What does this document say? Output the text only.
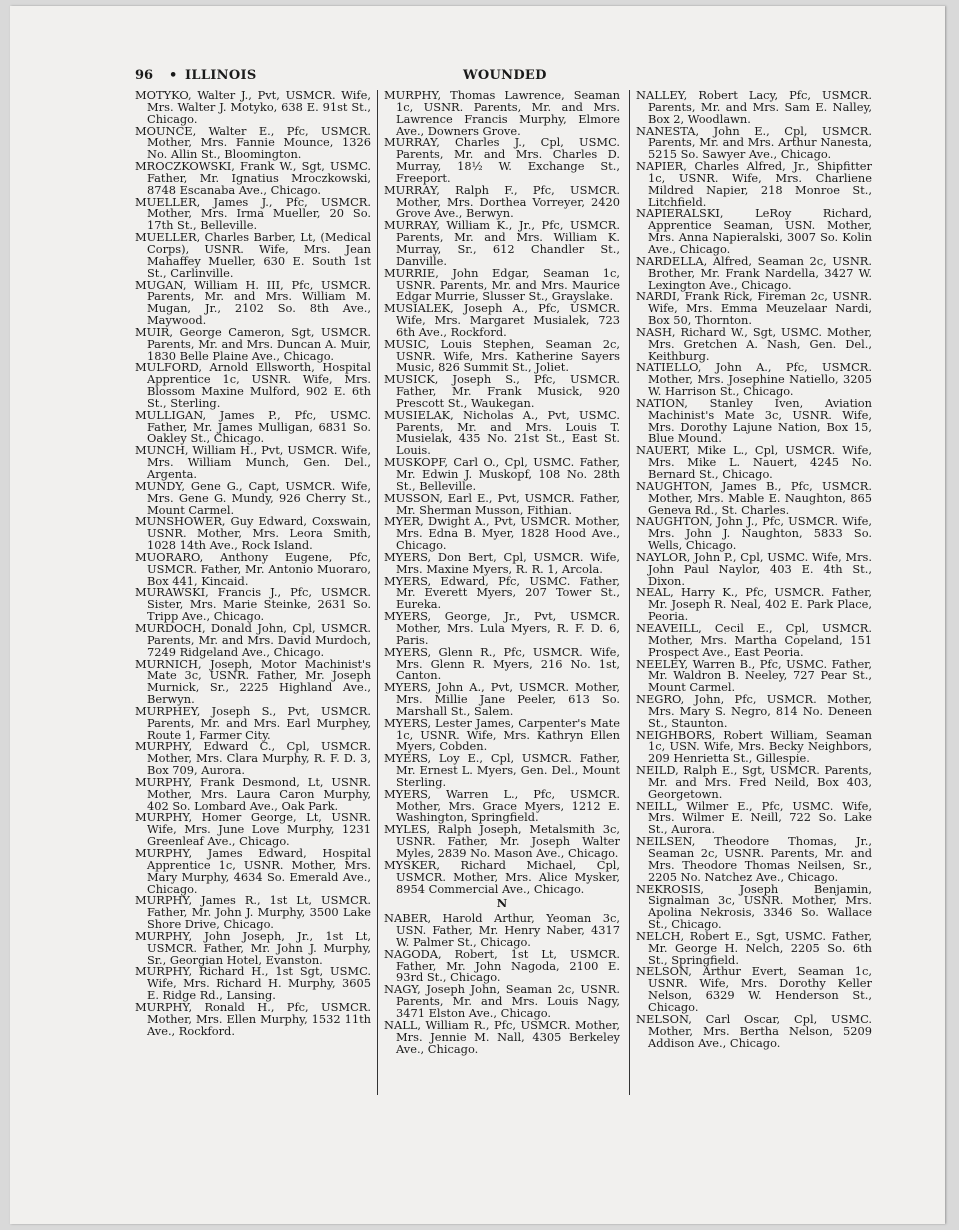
96 • ILLINOIS	WOUNDED
MOTYKO, Walter J., Pvt, USMCR. Wife, Mrs. Walter J. Motyko, 638 E. 91st St., Chicago.
MOUNCE, Walter E., Pfc, USMCR. Mother, Mrs. Fannie Mounce, 1326 No. Allin St., Bloomington.
MROCZKOWSKI, Frank W., Sgt, USMC. Father, Mr. Ignatius Mroczkowski, 8748 Escanaba Ave., Chicago.
MUELLER, James J., Pfc, USMCR. Mother, Mrs. Irma Mueller, 20 So. 17th St., Belleville.
MUELLER, Charles Barber, Lt, (Medical Corps), USNR. Wife, Mrs. Jean Mahaffey Mueller, 630 E. South 1st St., Carlinville.
MUGAN, William H. III, Pfc, USMCR. Parents, Mr. and Mrs. William M. Mugan, Jr., 2102 So. 8th Ave., Maywood.
MUIR, George Cameron, Sgt, USMCR. Parents, Mr. and Mrs. Duncan A. Muir, 1830 Belle Plaine Ave., Chicago.
MULFORD, Arnold Ellsworth, Hospital Apprentice 1c, USNR. Wife, Mrs. Blossom Maxine Mulford, 902 E. 6th St., Sterling.
MULLIGAN, James P., Pfc, USMC. Father, Mr. James Mulligan, 6831 So. Oakley St., Chicago.
MUNCH, William H., Pvt, USMCR. Wife, Mrs. William Munch, Gen. Del., Argenta.
MUNDY, Gene G., Capt, USMCR. Wife, Mrs. Gene G. Mundy, 926 Cherry St., Mount Carmel.
MUNSHOWER, Guy Edward, Coxswain, USNR. Mother, Mrs. Leora Smith, 1028 14th Ave., Rock Island.
MUORARO, Anthony Eugene, Pfc, USMCR. Father, Mr. Antonio Muoraro, Box 441, Kincaid.
MURAWSKI, Francis J., Pfc, USMCR. Sister, Mrs. Marie Steinke, 2631 So. Tripp Ave., Chicago.
MURDOCH, Donald John, Cpl, USMCR. Parents, Mr. and Mrs. David Murdoch, 7249 Ridgeland Ave., Chicago.
MURNICH, Joseph, Motor Machinist's Mate 3c, USNR. Father, Mr. Joseph Murnick, Sr., 2225 Highland Ave., Berwyn.
MURPHEY, Joseph S., Pvt, USMCR. Parents, Mr. and Mrs. Earl Murphey, Route 1, Farmer City.
MURPHY, Edward C., Cpl, USMCR. Mother, Mrs. Clara Murphy, R. F. D. 3, Box 709, Aurora.
MURPHY, Frank Desmond, Lt, USNR. Mother, Mrs. Laura Caron Murphy, 402 So. Lombard Ave., Oak Park.
MURPHY, Homer George, Lt, USNR. Wife, Mrs. June Love Murphy, 1231 Greenleaf Ave., Chicago.
MURPHY, James Edward, Hospital Apprentice 1c, USNR. Mother, Mrs. Mary Murphy, 4634 So. Emerald Ave., Chicago.
MURPHY, James R., 1st Lt, USMCR. Father, Mr. John J. Murphy, 3500 Lake Shore Drive, Chicago.
MURPHY, John Joseph, Jr., 1st Lt, USMCR. Father, Mr. John J. Murphy, Sr., Georgian Hotel, Evanston.
MURPHY, Richard H., 1st Sgt, USMC. Wife, Mrs. Richard H. Murphy, 3605 E. Ridge Rd., Lansing.
MURPHY, Ronald H., Pfc, USMCR. Mother, Mrs. Ellen Murphy, 1532 11th Ave., Rockford.
MURPHY, Thomas Lawrence, Seaman 1c, USNR. Parents, Mr. and Mrs. Lawrence Francis Murphy, Elmore Ave., Downers Grove.
MURRAY, Charles J., Cpl, USMC. Parents, Mr. and Mrs. Charles D. Murray, 18½ W. Exchange St., Freeport.
MURRAY, Ralph F., Pfc, USMCR. Mother, Mrs. Dorthea Vorreyer, 2420 Grove Ave., Berwyn.
MURRAY, William K., Jr., Pfc, USMCR. Parents, Mr. and Mrs. William K. Murray, Sr., 612 Chandler St., Danville.
MURRIE, John Edgar, Seaman 1c, USNR. Parents, Mr. and Mrs. Maurice Edgar Murrie, Slusser St., Grayslake.
MUSIALEK, Joseph A., Pfc, USMCR. Wife, Mrs. Margaret Musialek, 723 6th Ave., Rockford.
MUSIC, Louis Stephen, Seaman 2c, USNR. Wife, Mrs. Katherine Sayers Music, 826 Summit St., Joliet.
MUSICK, Joseph S., Pfc, USMCR. Father, Mr. Frank Musick, 920 Prescott St., Waukegan.
MUSIELAK, Nicholas A., Pvt, USMC. Parents, Mr. and Mrs. Louis T. Musielak, 435 No. 21st St., East St. Louis.
MUSKOPF, Carl O., Cpl, USMC. Father, Mr. Edwin J. Muskopf, 108 No. 28th St., Belleville.
MUSSON, Earl E., Pvt, USMCR. Father, Mr. Sherman Musson, Fithian.
MYER, Dwight A., Pvt, USMCR. Mother, Mrs. Edna B. Myer, 1828 Hood Ave., Chicago.
MYERS, Don Bert, Cpl, USMCR. Wife, Mrs. Maxine Myers, R. R. 1, Arcola.
MYERS, Edward, Pfc, USMC. Father, Mr. Everett Myers, 207 Tower St., Eureka.
MYERS, George, Jr., Pvt, USMCR. Mother, Mrs. Lula Myers, R. F. D. 6, Paris.
MYERS, Glenn R., Pfc, USMCR. Wife, Mrs. Glenn R. Myers, 216 No. 1st, Canton.
MYERS, John A., Pvt, USMCR. Mother, Mrs. Millie Jane Peeler, 613 So. Marshall St., Salem.
MYERS, Lester James, Carpenter's Mate 1c, USNR. Wife, Mrs. Kathryn Ellen Myers, Cobden.
MYERS, Loy E., Cpl, USMCR. Father, Mr. Ernest L. Myers, Gen. Del., Mount Sterling.
MYERS, Warren L., Pfc, USMCR. Mother, Mrs. Grace Myers, 1212 E. Washington, Springfield.
MYLES, Ralph Joseph, Metalsmith 3c, USNR. Father, Mr. Joseph Walter Myles, 2839 No. Mason Ave., Chicago.
MYSKER, Richard Michael, Cpl, USMCR. Mother, Mrs. Alice Mysker, 8954 Commercial Ave., Chicago.
N
NABER, Harold Arthur, Yeoman 3c, USN. Father, Mr. Henry Naber, 4317 W. Palmer St., Chicago.
NAGODA, Robert, 1st Lt, USMCR. Father, Mr. John Nagoda, 2100 E. 93rd St., Chicago.
NAGY, Joseph John, Seaman 2c, USNR. Parents, Mr. and Mrs. Louis Nagy, 3471 Elston Ave., Chicago.
NALL, William R., Pfc, USMCR. Mother, Mrs. Jennie M. Nall, 4305 Berkeley Ave., Chicago.
NALLEY, Robert Lacy, Pfc, USMCR. Parents, Mr. and Mrs. Sam E. Nalley, Box 2, Woodlawn.
NANESTA, John E., Cpl, USMCR. Parents, Mr. and Mrs. Arthur Nanesta, 5215 So. Sawyer Ave., Chicago.
NAPIER, Charles Alfred, Jr., Shipfitter 1c, USNR. Wife, Mrs. Charliene Mildred Napier, 218 Monroe St., Litchfield.
NAPIERALSKI, LeRoy Richard, Apprentice Seaman, USN. Mother, Mrs. Anna Napieralski, 3007 So. Kolin Ave., Chicago.
NARDELLA, Alfred, Seaman 2c, USNR. Brother, Mr. Frank Nardella, 3427 W. Lexington Ave., Chicago.
NARDI, Frank Rick, Fireman 2c, USNR. Wife, Mrs. Emma Meuzelaar Nardi, Box 50, Thornton.
NASH, Richard W., Sgt, USMC. Mother, Mrs. Gretchen A. Nash, Gen. Del., Keithburg.
NATIELLO, John A., Pfc, USMCR. Mother, Mrs. Josephine Natiello, 3205 W. Harrison St., Chicago.
NATION, Stanley Iven, Aviation Machinist's Mate 3c, USNR. Wife, Mrs. Dorothy Lajune Nation, Box 15, Blue Mound.
NAUERT, Mike L., Cpl, USMCR. Wife, Mrs. Mike L. Nauert, 4245 No. Bernard St., Chicago.
NAUGHTON, James B., Pfc, USMCR. Mother, Mrs. Mable E. Naughton, 865 Geneva Rd., St. Charles.
NAUGHTON, John J., Pfc, USMCR. Wife, Mrs. John J. Naughton, 5833 So. Wells, Chicago.
NAYLOR, John P., Cpl, USMC. Wife, Mrs. John Paul Naylor, 403 E. 4th St., Dixon.
NEAL, Harry K., Pfc, USMCR. Father, Mr. Joseph R. Neal, 402 E. Park Place, Peoria.
NEAVEILL, Cecil E., Cpl, USMCR. Mother, Mrs. Martha Copeland, 151 Prospect Ave., East Peoria.
NEELEY, Warren B., Pfc, USMC. Father, Mr. Waldron B. Neeley, 727 Pear St., Mount Carmel.
NEGRO, John, Pfc, USMCR. Mother, Mrs. Mary S. Negro, 814 No. Deneen St., Staunton.
NEIGHBORS, Robert William, Seaman 1c, USN. Wife, Mrs. Becky Neighbors, 209 Henrietta St., Gillespie.
NEILD, Ralph E., Sgt, USMCR. Parents, Mr. and Mrs. Fred Neild, Box 403, Georgetown.
NEILL, Wilmer E., Pfc, USMC. Wife, Mrs. Wilmer E. Neill, 722 So. Lake St., Aurora.
NEILSEN, Theodore Thomas, Jr., Seaman 2c, USNR. Parents, Mr. and Mrs. Theodore Thomas Neilsen, Sr., 2205 No. Natchez Ave., Chicago.
NEKROSIS, Joseph Benjamin, Signalman 3c, USNR. Mother, Mrs. Apolina Nekrosis, 3346 So. Wallace St., Chicago.
NELCH, Robert E., Sgt, USMC. Father, Mr. George H. Nelch, 2205 So. 6th St., Springfield.
NELSON, Arthur Evert, Seaman 1c, USNR. Wife, Mrs. Dorothy Keller Nelson, 6329 W. Henderson St., Chicago.
NELSON, Carl Oscar, Cpl, USMC. Mother, Mrs. Bertha Nelson, 5209 Addison Ave., Chicago.
